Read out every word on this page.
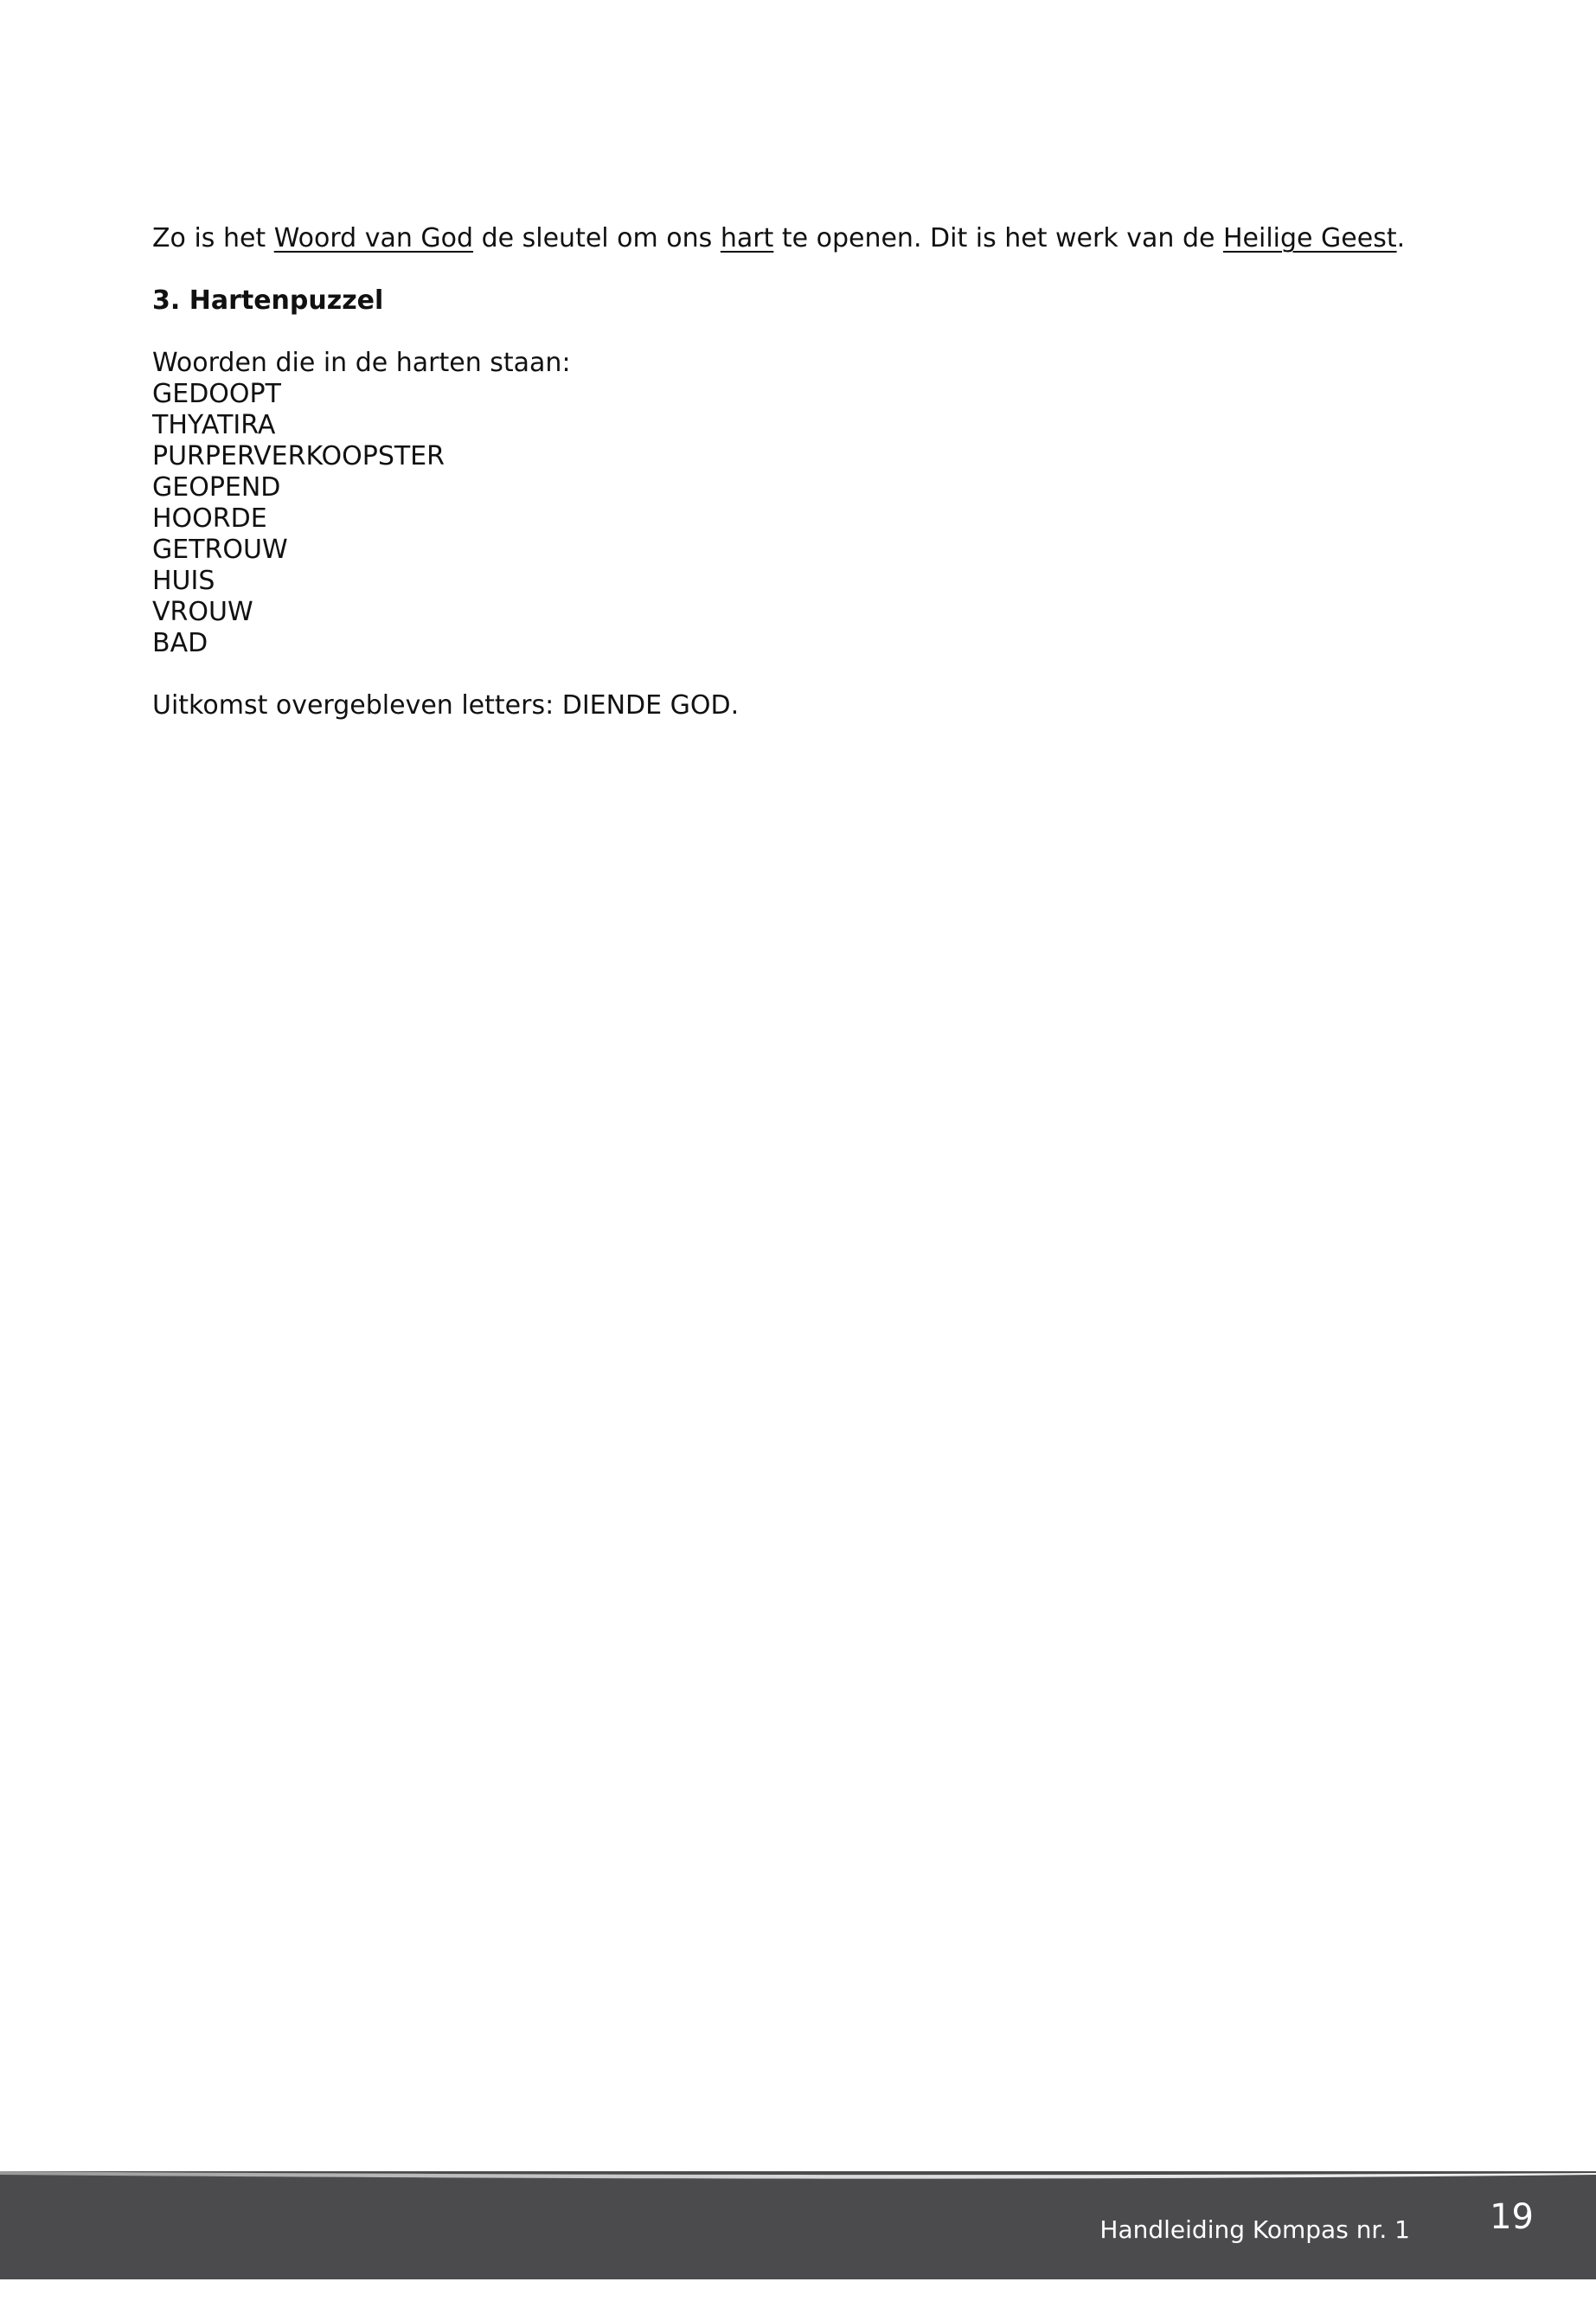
Zo is het Woord van God de sleutel om ons hart te openen. Dit is het werk van de Heilige Geest.

3. Hartenpuzzel

Woorden die in de harten staan:

GEDOOPT
THYATIRA
PURPERVERKOOPSTER
GEOPEND
HOORDE
GETROUW
HUIS
VROUW
BAD

Uitkomst overgebleven letters: DIENDE GOD.

Handleiding Kompas nr. 1 19
